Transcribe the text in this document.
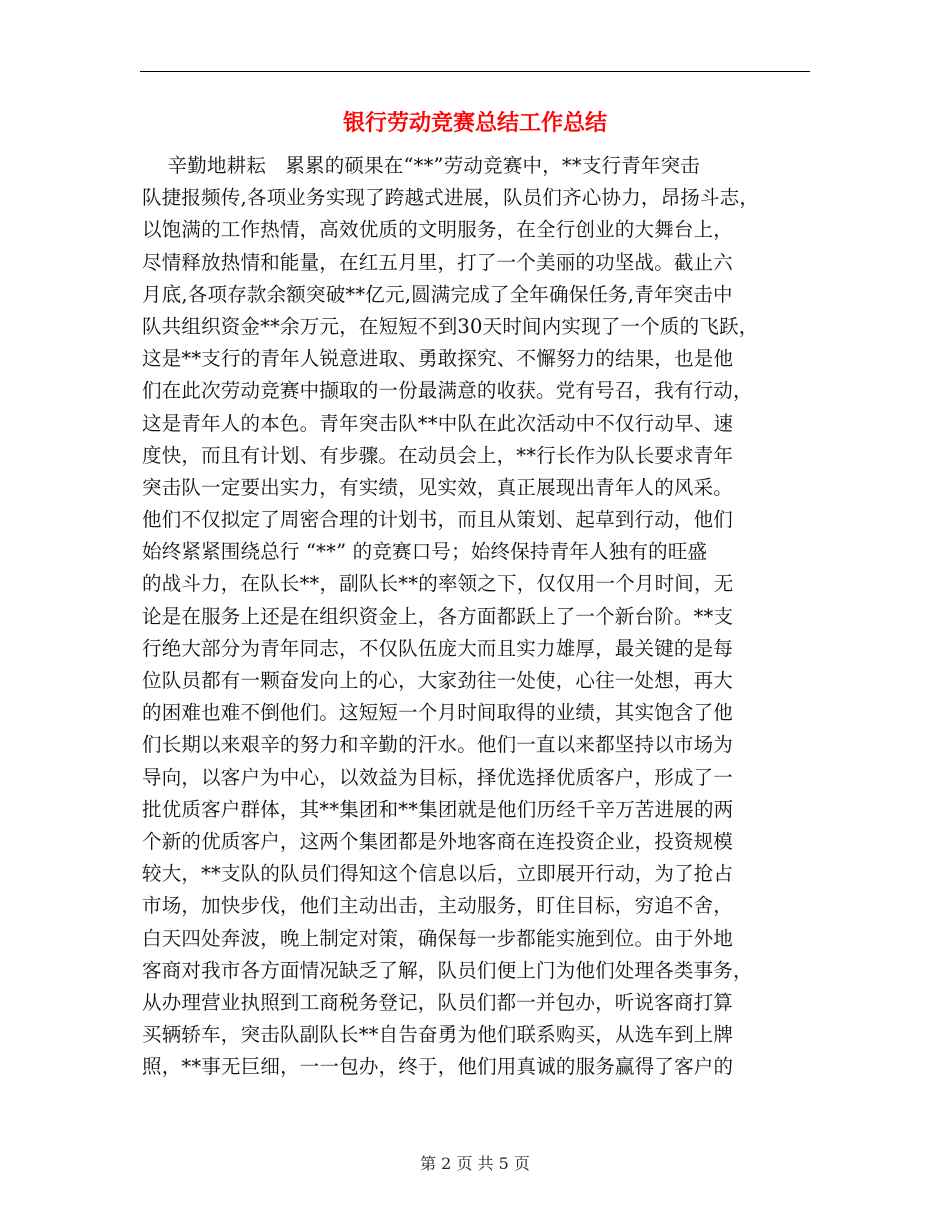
银行劳动竞赛总结工作总结
辛勤地耕耘   累累的硕果在“**”劳动竞赛中，**支行青年突击
队捷报频传,各项业务实现了跨越式进展，队员们齐心协力，昂扬斗志，
以饱满的工作热情，高效优质的文明服务，在全行创业的大舞台上，
尽情释放热情和能量，在红五月里，打了一个美丽的功坚战。截止六
月底,各项存款余额突破**亿元,圆满完成了全年确保任务,青年突击中
队共组织资金**余万元，在短短不到30天时间内实现了一个质的飞跃，
这是**支行的青年人锐意进取、勇敢探究、不懈努力的结果，也是他
们在此次劳动竞赛中撷取的一份最满意的收获。党有号召，我有行动，
这是青年人的本色。青年突击队**中队在此次活动中不仅行动早、速
度快，而且有计划、有步骤。在动员会上，**行长作为队长要求青年
突击队一定要出实力，有实绩，见实效，真正展现出青年人的风采。
他们不仅拟定了周密合理的计划书，而且从策划、起草到行动，他们
始终紧紧围绕总行 “**” 的竞赛口号；始终保持青年人独有的旺盛
的战斗力，在队长**，副队长**的率领之下，仅仅用一个月时间，无
论是在服务上还是在组织资金上，各方面都跃上了一个新台阶。**支
行绝大部分为青年同志，不仅队伍庞大而且实力雄厚，最关键的是每
位队员都有一颗奋发向上的心，大家劲往一处使，心往一处想，再大
的困难也难不倒他们。这短短一个月时间取得的业绩，其实饱含了他
们长期以来艰辛的努力和辛勤的汗水。他们一直以来都坚持以市场为
导向，以客户为中心，以效益为目标，择优选择优质客户，形成了一
批优质客户群体，其**集团和**集团就是他们历经千辛万苦进展的两
个新的优质客户，这两个集团都是外地客商在连投资企业，投资规模
较大，**支队的队员们得知这个信息以后，立即展开行动，为了抢占
市场，加快步伐，他们主动出击，主动服务，盯住目标，穷追不舍，
白天四处奔波，晚上制定对策，确保每一步都能实施到位。由于外地
客商对我市各方面情况缺乏了解，队员们便上门为他们处理各类事务，
从办理营业执照到工商税务登记，队员们都一并包办，听说客商打算
买辆轿车，突击队副队长**自告奋勇为他们联系购买，从选车到上牌
照，**事无巨细，一一包办，终于，他们用真诚的服务赢得了客户的
第 2 页 共 5 页
